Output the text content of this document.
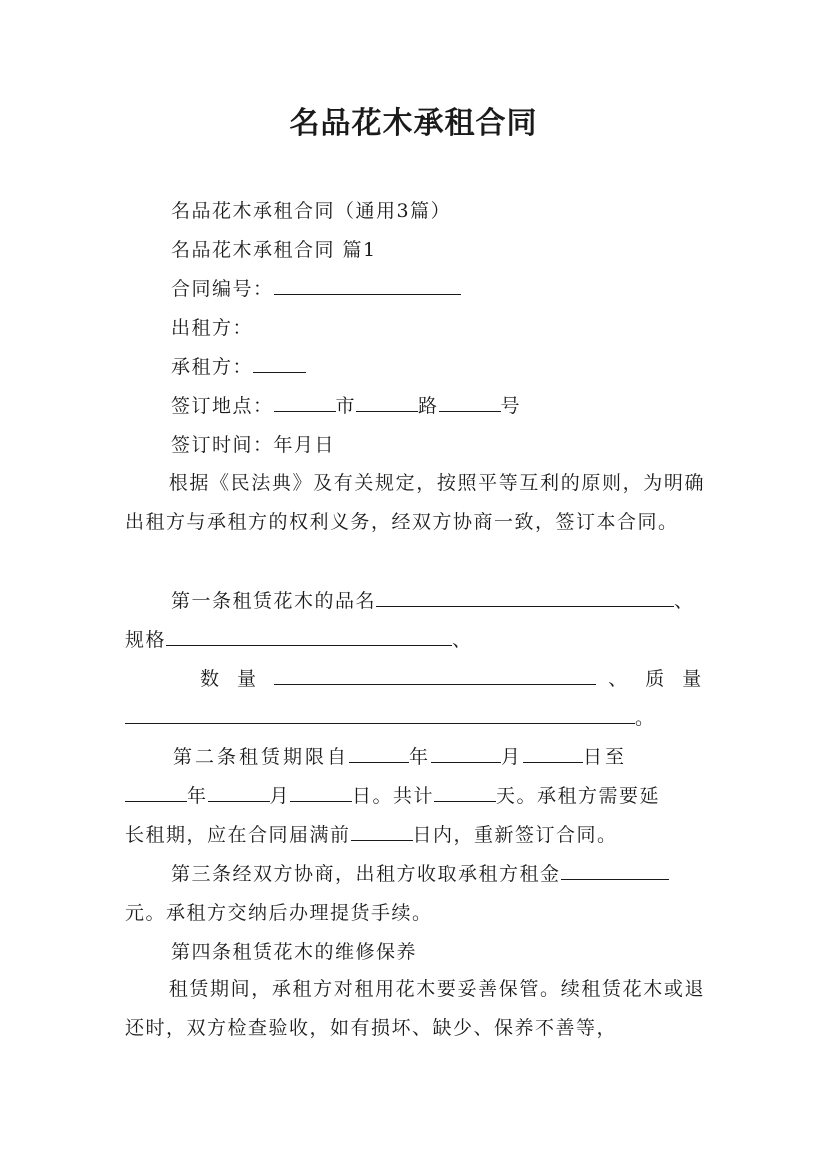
名品花木承租合同
名品花木承租合同（通用3篇）
名品花木承租合同 篇1
合同编号：
出租方：
承租方：
签订地点：	市	路	号
签订时间：年月日
根据《民法典》及有关规定，按照平等互利的原则，为明确出租方与承租方的权利义务，经双方协商一致，签订本合同。
第一条租赁花木的品名	、
规格	、
数 量	、 质 量
。
第二条租赁期限自	年	月	日至
年	月	日。共计	天。承租方需要延
第三条经双方协商，出租方收取承租方租金
元。承租方交纳后办理提货手续。
第四条租赁花木的维修保养
租赁期间，承租方对租用花木要妥善保管。续租赁花木或退还时，双方检查验收，如有损坏、缺少、保养不善等，
长租期，应在合同届满前	日内，重新签订合同。
